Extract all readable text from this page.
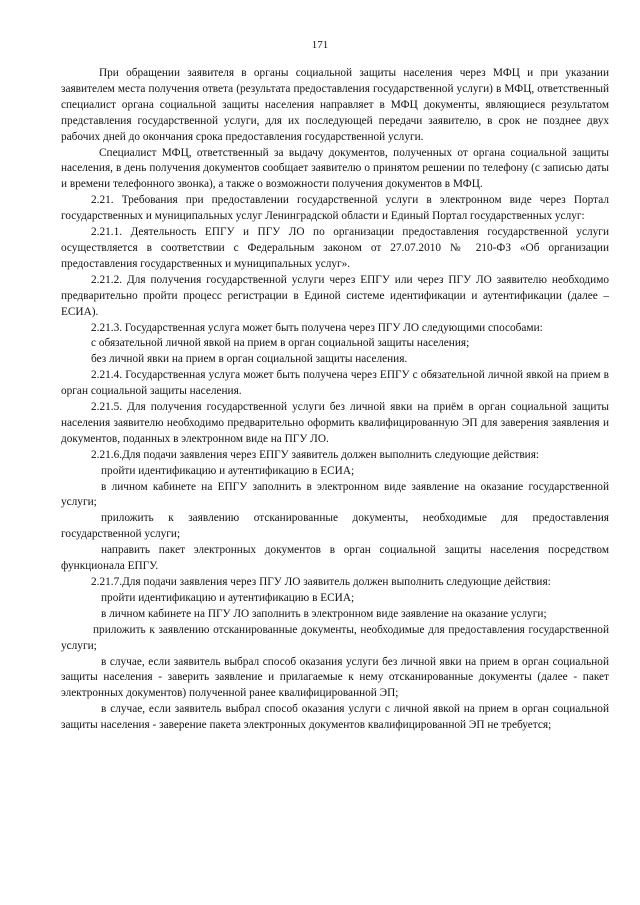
171

При обращении заявителя в органы социальной защиты населения через МФЦ и при указании заявителем места получения ответа (результата предоставления государственной услуги) в МФЦ, ответственный специалист органа социальной защиты населения направляет в МФЦ документы, являющиеся результатом представления государственной услуги, для их последующей передачи заявителю, в срок не позднее двух рабочих дней до окончания срока предоставления государственной услуги.

Специалист МФЦ, ответственный за выдачу документов, полученных от органа социальной защиты населения, в день получения документов сообщает заявителю о принятом решении по телефону (с записью даты и времени телефонного звонка), а также о возможности получения документов в МФЦ.

2.21. Требования при предоставлении государственной услуги в электронном виде через Портал государственных и муниципальных услуг Ленинградской области и Единый Портал государственных услуг:

2.21.1. Деятельность ЕПГУ и ПГУ ЛО по организации предоставления государственной услуги осуществляется в соответствии с Федеральным законом от 27.07.2010 № 210-ФЗ «Об организации предоставления государственных и муниципальных услуг».

2.21.2. Для получения государственной услуги через ЕПГУ или через ПГУ ЛО заявителю необходимо предварительно пройти процесс регистрации в Единой системе идентификации и аутентификации (далее – ЕСИА).

2.21.3. Государственная услуга может быть получена через ПГУ ЛО следующими способами:

с обязательной личной явкой на прием в орган социальной защиты населения;

без личной явки на прием в орган социальной защиты населения.

2.21.4. Государственная услуга может быть получена через ЕПГУ с обязательной личной явкой на прием в орган социальной защиты населения.

2.21.5. Для получения государственной услуги без личной явки на приём в орган социальной защиты населения заявителю необходимо предварительно оформить квалифицированную ЭП для заверения заявления и документов, поданных в электронном виде на ПГУ ЛО.

2.21.6.Для подачи заявления через ЕПГУ заявитель должен выполнить следующие действия:

пройти идентификацию и аутентификацию в ЕСИА;

в личном кабинете на ЕПГУ заполнить в электронном виде заявление на оказание государственной услуги;

приложить к заявлению отсканированные документы, необходимые для предоставления государственной услуги;

направить пакет электронных документов в орган социальной защиты населения посредством функционала ЕПГУ.

2.21.7.Для подачи заявления через ПГУ ЛО заявитель должен выполнить следующие действия:

пройти идентификацию и аутентификацию в ЕСИА;

в личном кабинете на ПГУ ЛО заполнить в электронном виде заявление на оказание услуги;

приложить к заявлению отсканированные документы, необходимые для предоставления государственной услуги;

в случае, если заявитель выбрал способ оказания услуги без личной явки на прием в орган социальной защиты населения - заверить заявление и прилагаемые к нему отсканированные документы (далее - пакет электронных документов) полученной ранее квалифицированной ЭП;

в случае, если заявитель выбрал способ оказания услуги с личной явкой на прием в орган социальной защиты населения - заверение пакета электронных документов квалифицированной ЭП не требуется;
